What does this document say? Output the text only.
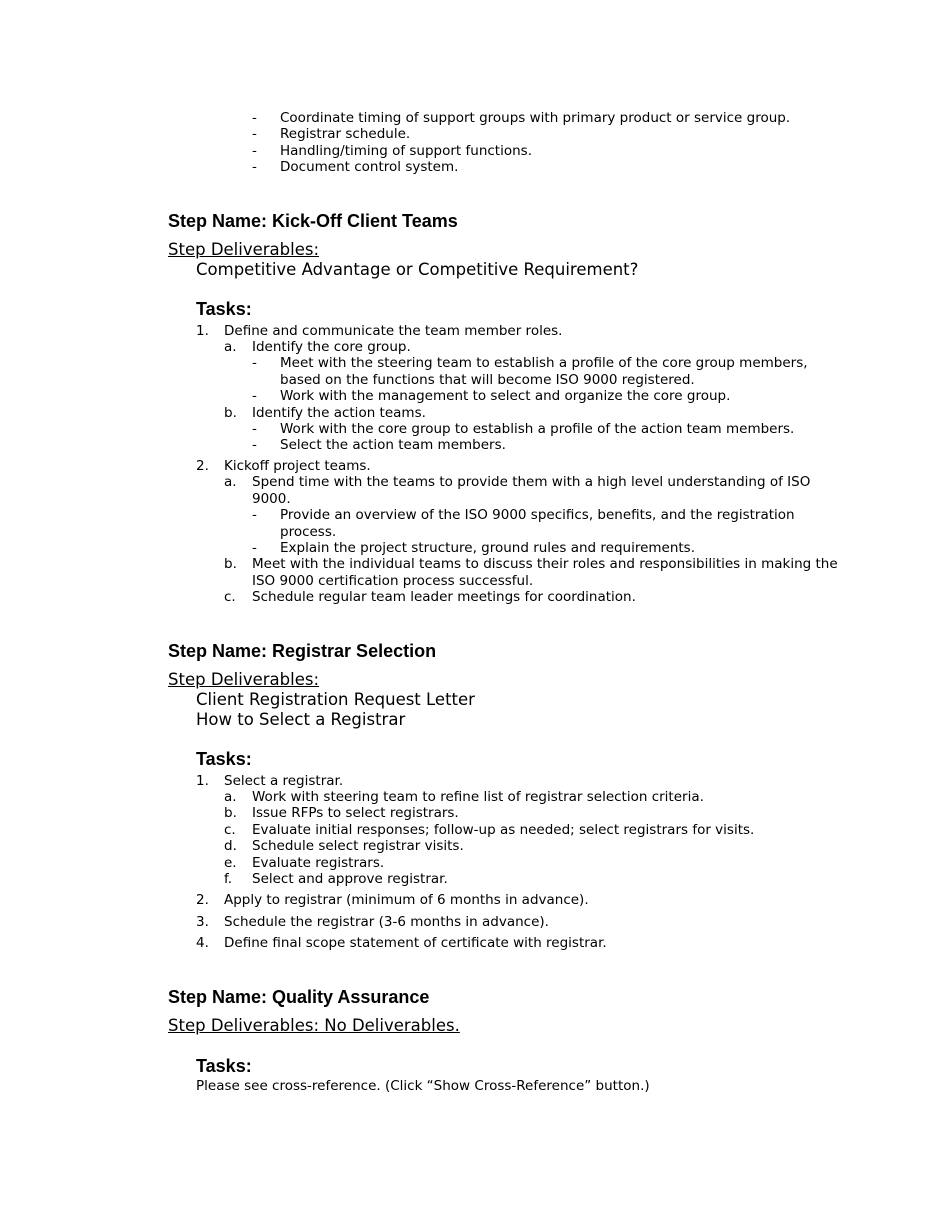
- Coordinate timing of support groups with primary product or service group.
- Registrar schedule.
- Handling/timing of support functions.
- Document control system.
Step Name: Kick-Off Client Teams
Step Deliverables:
Competitive Advantage or Competitive Requirement?
Tasks:
1. Define and communicate the team member roles.
a. Identify the core group.
- Meet with the steering team to establish a profile of the core group members, based on the functions that will become ISO 9000 registered.
- Work with the management to select and organize the core group.
b. Identify the action teams.
- Work with the core group to establish a profile of the action team members.
- Select the action team members.
2. Kickoff project teams.
a. Spend time with the teams to provide them with a high level understanding of ISO 9000.
- Provide an overview of the ISO 9000 specifics, benefits, and the registration process.
- Explain the project structure, ground rules and requirements.
b. Meet with the individual teams to discuss their roles and responsibilities in making the ISO 9000 certification process successful.
c. Schedule regular team leader meetings for coordination.
Step Name: Registrar Selection
Step Deliverables:
Client Registration Request Letter
How to Select a Registrar
Tasks:
1. Select a registrar.
a. Work with steering team to refine list of registrar selection criteria.
b. Issue RFPs to select registrars.
c. Evaluate initial responses; follow-up as needed; select registrars for visits.
d. Schedule select registrar visits.
e. Evaluate registrars.
f. Select and approve registrar.
2. Apply to registrar (minimum of 6 months in advance).
3. Schedule the registrar (3-6 months in advance).
4. Define final scope statement of certificate with registrar.
Step Name: Quality Assurance
Step Deliverables: No Deliverables.
Tasks:
Please see cross-reference. (Click “Show Cross-Reference” button.)
